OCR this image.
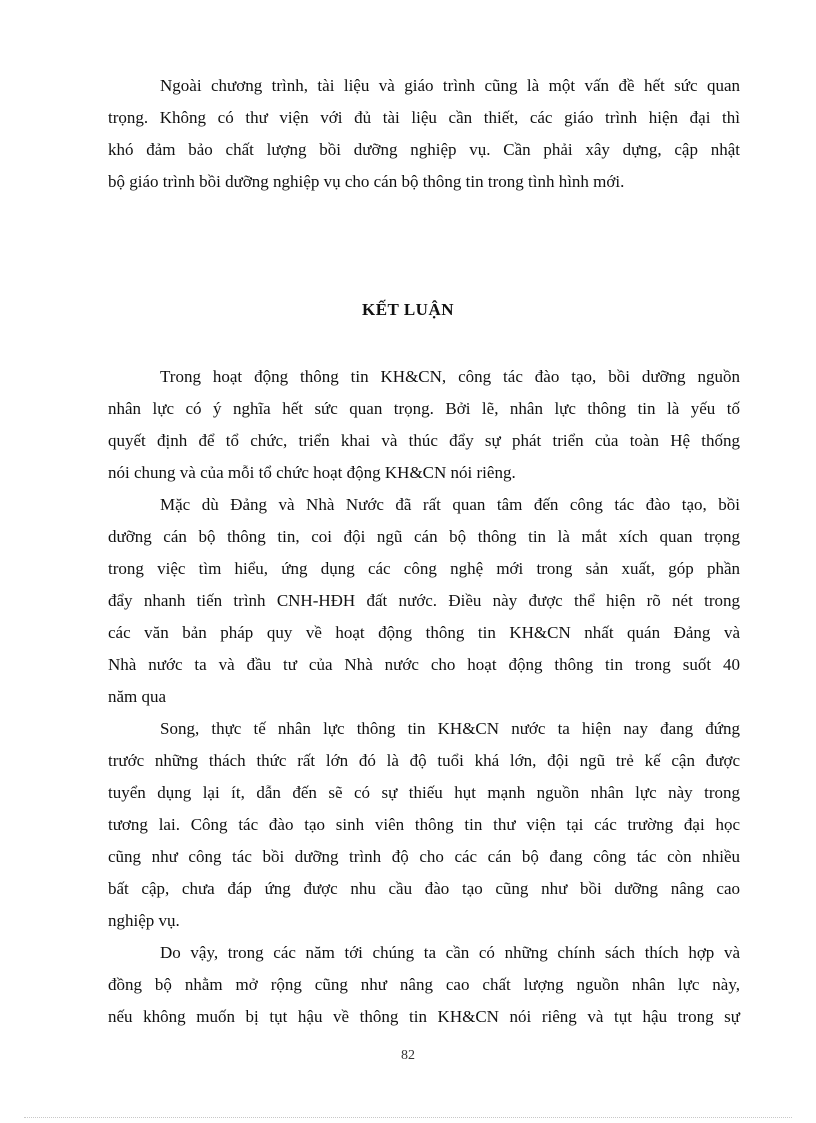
Ngoài chương trình, tài liệu và giáo trình cũng là một vấn đề hết sức quan
trọng. Không có thư viện với đủ tài liệu cần thiết, các giáo trình hiện đại thì
khó đảm bảo chất lượng bồi dưỡng nghiệp vụ. Cần phải xây dựng, cập nhật
bộ giáo trình bồi dưỡng nghiệp vụ cho cán bộ thông tin trong tình hình mới.
KẾT LUẬN
Trong hoạt động thông tin KH&CN, công tác đào tạo, bồi dưỡng nguồn
nhân lực có ý nghĩa hết sức quan trọng. Bởi lẽ, nhân lực thông tin là yếu tố
quyết định để tổ chức, triển khai và thúc đẩy sự phát triển của toàn Hệ thống
nói chung và của mỗi tổ chức hoạt động KH&CN nói riêng.
Mặc dù Đảng và Nhà Nước đã rất quan tâm đến công tác đào tạo, bồi
dưỡng cán bộ thông tin, coi đội ngũ cán bộ thông tin là mắt xích quan trọng
trong việc tìm hiểu, ứng dụng các công nghệ mới trong sản xuất, góp phần
đẩy nhanh tiến trình CNH-HĐH đất nước. Điều này được thể hiện rõ nét trong
các văn bản pháp quy về hoạt động thông tin KH&CN nhất quán Đảng và
Nhà nước ta và đầu tư của Nhà nước cho hoạt động thông tin trong suốt 40
năm qua
Song, thực tế nhân lực thông tin KH&CN nước ta hiện nay đang đứng
trước những thách thức rất lớn đó là độ tuổi khá lớn, đội ngũ trẻ kế cận được
tuyển dụng lại ít, dẫn đến sẽ có sự thiếu hụt mạnh nguồn nhân lực này trong
tương lai. Công tác đào tạo sinh viên thông tin thư viện tại các trường đại học
cũng như công tác bồi dưỡng trình độ cho các cán bộ đang công tác còn nhiều
bất cập, chưa đáp ứng được nhu cầu đào tạo cũng như bồi dưỡng nâng cao
nghiệp vụ.
Do vậy, trong các năm tới chúng ta cần có những chính sách thích hợp và
đồng bộ nhằm mở rộng cũng như nâng cao chất lượng nguồn nhân lực này,
nếu không muốn bị tụt hậu về thông tin KH&CN nói riêng và tụt hậu trong sự
82
